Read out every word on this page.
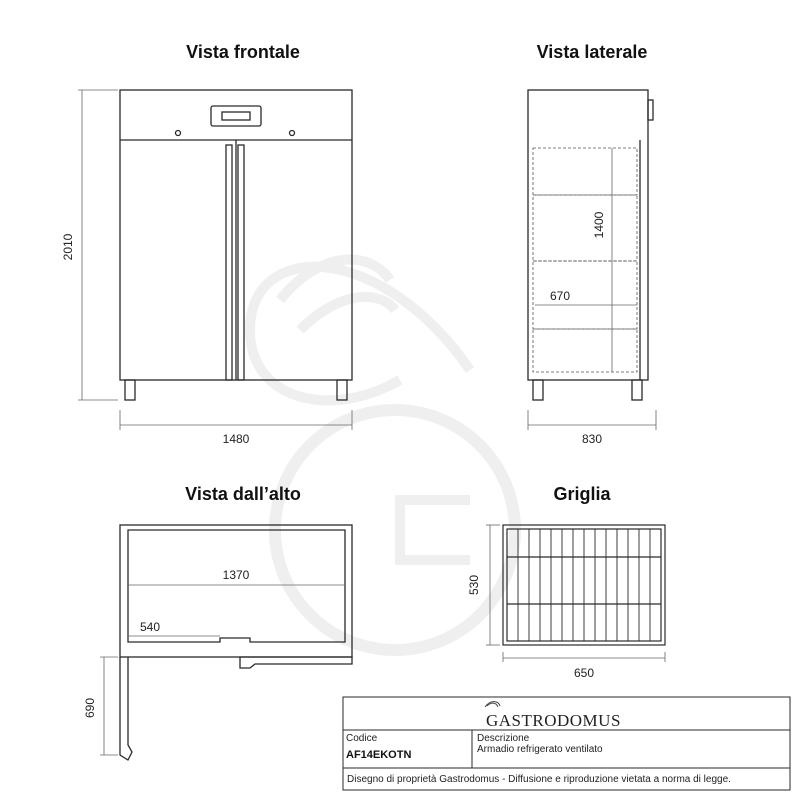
Vista frontale	Vista laterale
Vista dall’alto	Griglia
1480
2010
830
1400
670
1370
540
690
650
530
GASTRODOMUS
Codice
AF14EKOTN
Descrizione
Armadio refrigerato ventilato
Disegno di proprietà Gastrodomus - Diffusione e riproduzione vietata a norma di legge.
